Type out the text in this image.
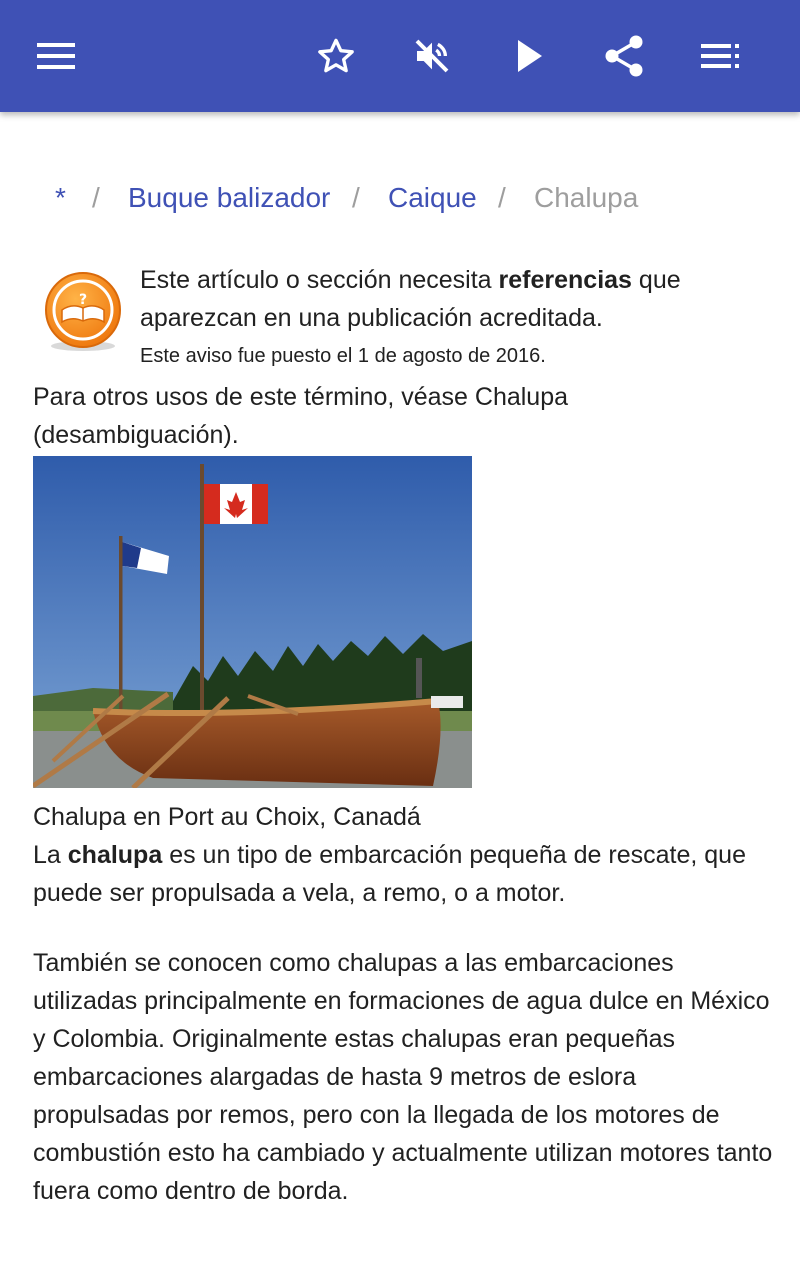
* / Buque balizador / Caique / Chalupa
?
Este artículo o sección necesita referencias que aparezcan en una publicación acreditada.
Este aviso fue puesto el 1 de agosto de 2016.
Para otros usos de este término, véase Chalupa (desambiguación).
Chalupa en Port au Choix, Canadá
La chalupa es un tipo de embarcación pequeña de rescate, que puede ser propulsada a vela, a remo, o a motor.
También se conocen como chalupas a las embarcaciones utilizadas principalmente en formaciones de agua dulce en México y Colombia. Originalmente estas chalupas eran pequeñas embarcaciones alargadas de hasta 9 metros de eslora propulsadas por remos, pero con la llegada de los motores de combustión esto ha cambiado y actualmente utilizan motores tanto fuera como dentro de borda.
